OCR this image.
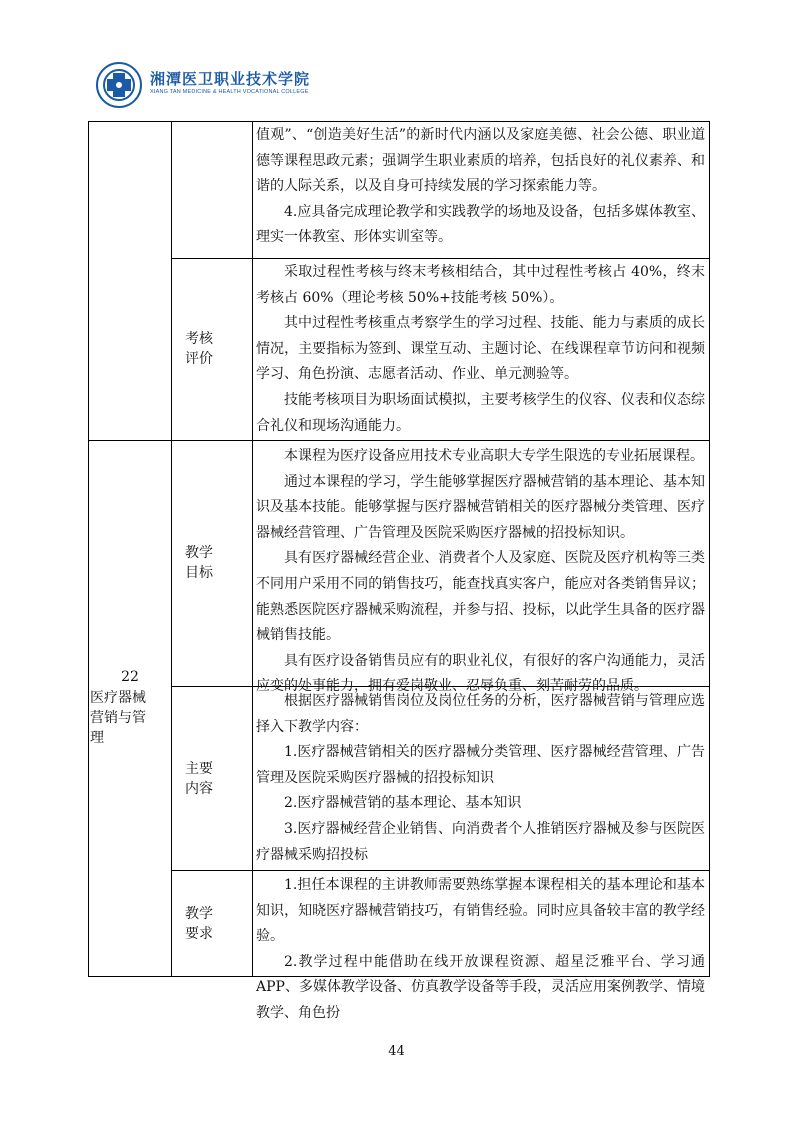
湘潭医卫职业技术学院
XIANG TAN MEDICINE & HEALTH VOCATIONAL COLLEGE
22
医疗器械营销与管理

值观”、“创造美好生活”的新时代内涵以及家庭美德、社会公德、职业道德等课程思政元素；强调学生职业素质的培养，包括良好的礼仪素养、和谐的人际关系，以及自身可持续发展的学习探索能力等。

4.应具备完成理论教学和实践教学的场地及设备，包括多媒体教室、理实一体教室、形体实训室等。

考核评价

采取过程性考核与终末考核相结合，其中过程性考核占 40%，终末考核占 60%（理论考核 50%+技能考核 50%）。

其中过程性考核重点考察学生的学习过程、技能、能力与素质的成长情况，主要指标为签到、课堂互动、主题讨论、在线课程章节访问和视频学习、角色扮演、志愿者活动、作业、单元测验等。

技能考核项目为职场面试模拟，主要考核学生的仪容、仪表和仪态综合礼仪和现场沟通能力。

教学目标

本课程为医疗设备应用技术专业高职大专学生限选的专业拓展课程。

通过本课程的学习，学生能够掌握医疗器械营销的基本理论、基本知识及基本技能。能够掌握与医疗器械营销相关的医疗器械分类管理、医疗器械经营管理、广告管理及医院采购医疗器械的招投标知识。

具有医疗器械经营企业、消费者个人及家庭、医院及医疗机构等三类不同用户采用不同的销售技巧，能查找真实客户，能应对各类销售异议；能熟悉医院医疗器械采购流程，并参与招、投标，以此学生具备的医疗器械销售技能。

具有医疗设备销售员应有的职业礼仪，有很好的客户沟通能力，灵活应变的处事能力，拥有爱岗敬业、忍辱负重、刻苦耐劳的品质。

主要内容

根据医疗器械销售岗位及岗位任务的分析，医疗器械营销与管理应选择入下教学内容：

1.医疗器械营销相关的医疗器械分类管理、医疗器械经营管理、广告管理及医院采购医疗器械的招投标知识

2.医疗器械营销的基本理论、基本知识

3.医疗器械经营企业销售、向消费者个人推销医疗器械及参与医院医疗器械采购招投标

教学要求

1.担任本课程的主讲教师需要熟练掌握本课程相关的基本理论和基本知识，知晓医疗器械营销技巧，有销售经验。同时应具备较丰富的教学经验。

2.教学过程中能借助在线开放课程资源、超星泛雅平台、学习通 APP、多媒体教学设备、仿真教学设备等手段，灵活应用案例教学、情境教学、角色扮

44
